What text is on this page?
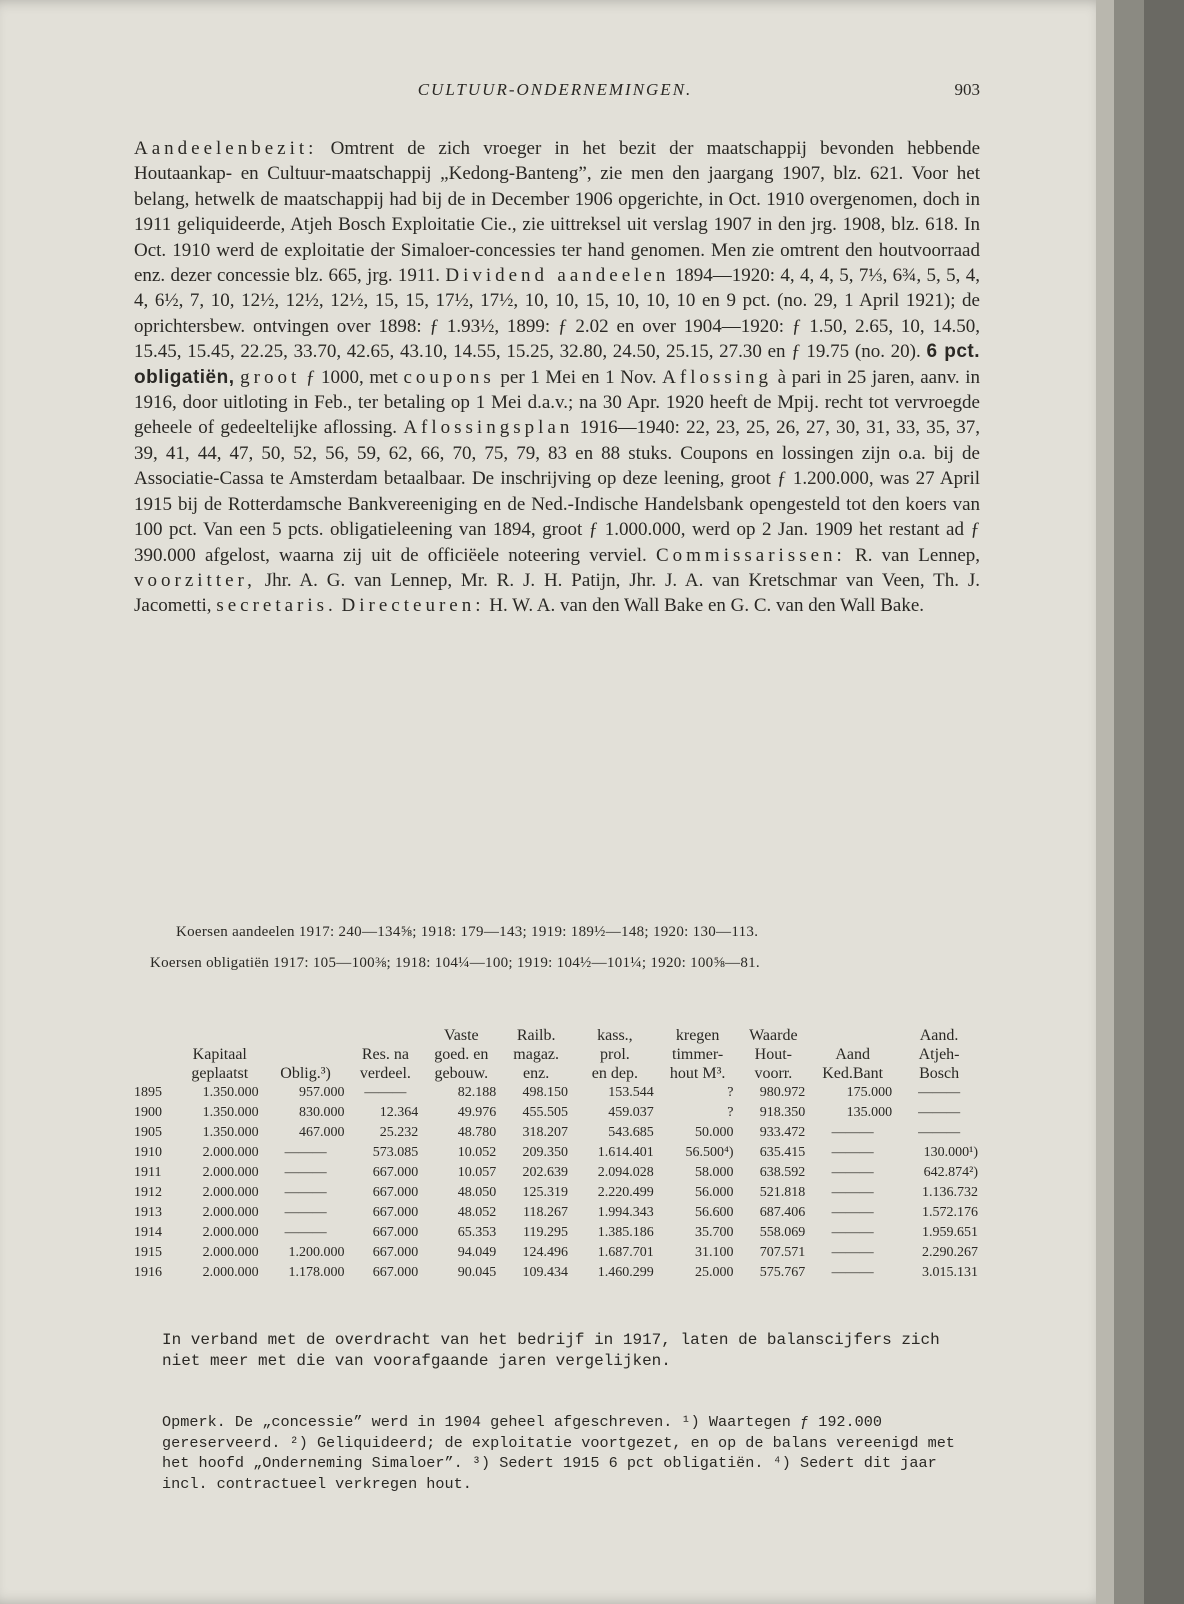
CULTUUR-ONDERNEMINGEN.	903

Aandeelenbezit: Omtrent de zich vroeger in het bezit der maatschappij bevonden hebbende Houtaankap- en Cultuur-maatschappij „Kedong-Banteng”, zie men den jaargang 1907, blz. 621. Voor het belang, hetwelk de maatschappij had bij de in December 1906 opgerichte, in Oct. 1910 overgenomen, doch in 1911 geliquideerde, Atjeh Bosch Exploitatie Cie., zie uittreksel uit verslag 1907 in den jrg. 1908, blz. 618. In Oct. 1910 werd de exploitatie der Simaloer-concessies ter hand genomen. Men zie omtrent den houtvoorraad enz. dezer concessie blz. 665, jrg. 1911. Dividend aandeelen 1894—1920: 4, 4, 4, 5, 7⅓, 6¾, 5, 5, 4, 4, 6½, 7, 10, 12½, 12½, 12½, 15, 15, 17½, 17½, 10, 10, 15, 10, 10, 10 en 9 pct. (no. 29, 1 April 1921); de oprichtersbew. ontvingen over 1898: ƒ 1.93½, 1899: ƒ 2.02 en over 1904—1920: ƒ 1.50, 2.65, 10, 14.50, 15.45, 15.45, 22.25, 33.70, 42.65, 43.10, 14.55, 15.25, 32.80, 24.50, 25.15, 27.30 en ƒ 19.75 (no. 20). 6 pct. obligatiën, groot ƒ 1000, met coupons per 1 Mei en 1 Nov. Aflossing à pari in 25 jaren, aanv. in 1916, door uitloting in Feb., ter betaling op 1 Mei d.a.v.; na 30 Apr. 1920 heeft de Mpij. recht tot vervroegde geheele of gedeeltelijke aflossing. Aflossingsplan 1916—1940: 22, 23, 25, 26, 27, 30, 31, 33, 35, 37, 39, 41, 44, 47, 50, 52, 56, 59, 62, 66, 70, 75, 79, 83 en 88 stuks. Coupons en lossingen zijn o.a. bij de Associatie-Cassa te Amsterdam betaalbaar. De inschrijving op deze leening, groot ƒ 1.200.000, was 27 April 1915 bij de Rotterdamsche Bankvereeniging en de Ned.-Indische Handelsbank opengesteld tot den koers van 100 pct. Van een 5 pcts. obligatieleening van 1894, groot ƒ 1.000.000, werd op 2 Jan. 1909 het restant ad ƒ 390.000 afgelost, waarna zij uit de officiëele noteering verviel. Commissarissen: R. van Lennep, voorzitter, Jhr. A. G. van Lennep, Mr. R. J. H. Patijn, Jhr. J. A. van Kretschmar van Veen, Th. J. Jacometti, secretaris. Directeuren: H. W. A. van den Wall Bake en G. C. van den Wall Bake.

Koersen aandeelen 1917: 240—134⅝; 1918: 179—143; 1919: 189½—148; 1920: 130—113.
Koersen obligatiën 1917: 105—100⅜; 1918: 104¼—100; 1919: 104½—101¼; 1920: 100⅝—81.
				Vaste	Railb.	kass.,	kregen	Waarde		Aand.
	Kapitaal		Res. na	goed. en	magaz.	prol.	timmer-	Hout-	Aand	Atjeh-
	geplaatst	Oblig.³)	verdeel.	gebouw.	enz.	en dep.	hout M³.	voorr.	Ked.Bant	Bosch
1895	1.350.000	957.000	———	82.188	498.150	153.544	?	980.972	175.000	———
1900	1.350.000	830.000	12.364	49.976	455.505	459.037	?	918.350	135.000	———
1905	1.350.000	467.000	25.232	48.780	318.207	543.685	50.000	933.472	———	———
1910	2.000.000	———	573.085	10.052	209.350	1.614.401	56.500⁴)	635.415	———	130.000¹)
1911	2.000.000	———	667.000	10.057	202.639	2.094.028	58.000	638.592	———	642.874²)
1912	2.000.000	———	667.000	48.050	125.319	2.220.499	56.000	521.818	———	1.136.732
1913	2.000.000	———	667.000	48.052	118.267	1.994.343	56.600	687.406	———	1.572.176
1914	2.000.000	———	667.000	65.353	119.295	1.385.186	35.700	558.069	———	1.959.651
1915	2.000.000	1.200.000	667.000	94.049	124.496	1.687.701	31.100	707.571	———	2.290.267
1916	2.000.000	1.178.000	667.000	90.045	109.434	1.460.299	25.000	575.767	———	3.015.131

In verband met de overdracht van het bedrijf in 1917, laten de balanscijfers zich niet meer met die van voorafgaande jaren vergelijken.

Opmerk. De „concessie” werd in 1904 geheel afgeschreven. ¹) Waartegen ƒ 192.000 gereserveerd. ²) Geliquideerd; de exploitatie voortgezet, en op de balans vereenigd met het hoofd „Onderneming Simaloer”. ³) Sedert 1915 6 pct obligatiën. ⁴) Sedert dit jaar incl. contractueel verkregen hout.
